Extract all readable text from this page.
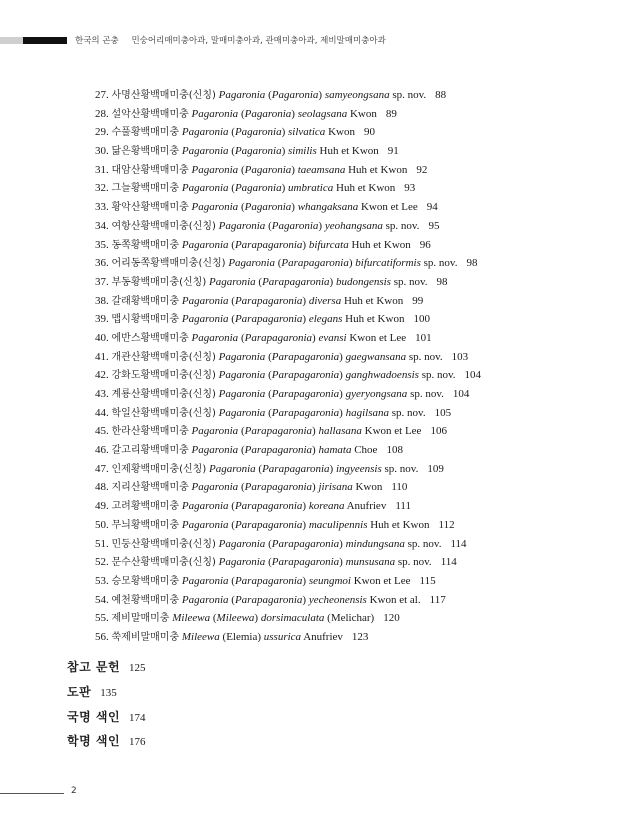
한국의 곤충 민숭어리매미충아과, 말매미충아과, 관매미충아과, 제비말매미충아과
27. 사명산황백매미충(신칭) Pagaronia (Pagaronia) samyeongsana sp. nov. 88
28. 설악산황백매미충 Pagaronia (Pagaronia) seolagsana Kwon 89
29. 수풀황백매미충 Pagaronia (Pagaronia) silvatica Kwon 90
30. 닮은황백매미충 Pagaronia (Pagaronia) similis Huh et Kwon 91
31. 대암산황백매미충 Pagaronia (Pagaronia) taeamsana Huh et Kwon 92
32. 그늘황백매미충 Pagaronia (Pagaronia) umbratica Huh et Kwon 93
33. 황악산황백매미충 Pagaronia (Pagaronia) whangaksana Kwon et Lee 94
34. 여항산황백매미충(신칭) Pagaronia (Pagaronia) yeohangsana sp. nov. 95
35. 동쪽황백매미충 Pagaronia (Parapagaronia) bifurcata Huh et Kwon 96
36. 어리동쪽황백매미충(신칭) Pagaronia (Parapagaronia) bifurcatiformis sp. nov. 98
37. 부동황백매미충(신칭) Pagaronia (Parapagaronia) budongensis sp. nov. 98
38. 갈래황백매미충 Pagaronia (Parapagaronia) diversa Huh et Kwon 99
39. 맵시황백매미충 Pagaronia (Parapagaronia) elegans Huh et Kwon 100
40. 에반스황백매미충 Pagaronia (Parapagaronia) evansi Kwon et Lee 101
41. 개관산황백매미충(신칭) Pagaronia (Parapagaronia) gaegwansana sp. nov. 103
42. 강화도황백매미충(신칭) Pagaronia (Parapagaronia) ganghwadoensis sp. nov. 104
43. 계룡산황백매미충(신칭) Pagaronia (Parapagaronia) gyeryongsana sp. nov. 104
44. 학일산황백매미충(신칭) Pagaronia (Parapagaronia) hagilsana sp. nov. 105
45. 한라산황백매미충 Pagaronia (Parapagaronia) hallasana Kwon et Lee 106
46. 갈고리황백매미충 Pagaronia (Parapagaronia) hamata Choe 108
47. 인제황백매미충(신칭) Pagaronia (Parapagaronia) ingyeensis sp. nov. 109
48. 지리산황백매미충 Pagaronia (Parapagaronia) jirisana Kwon 110
49. 고려황백매미충 Pagaronia (Parapagaronia) koreana Anufriev 111
50. 무늬황백매미충 Pagaronia (Parapagaronia) maculipennis Huh et Kwon 112
51. 민둥산황백매미충(신칭) Pagaronia (Parapagaronia) mindungsana sp. nov. 114
52. 문수산황백매미충(신칭) Pagaronia (Parapagaronia) munsusana sp. nov. 114
53. 승모황백매미충 Pagaronia (Parapagaronia) seungmoi Kwon et Lee 115
54. 예천황백매미충 Pagaronia (Parapagaronia) yecheonensis Kwon et al. 117
55. 제비말매미충 Mileewa (Mileewa) dorsimaculata (Melichar) 120
56. 쑥제비말매미충 Mileewa (Elemia) ussurica Anufriev 123
참고 문헌 125
도판 135
국명 색인 174
학명 색인 176
2
